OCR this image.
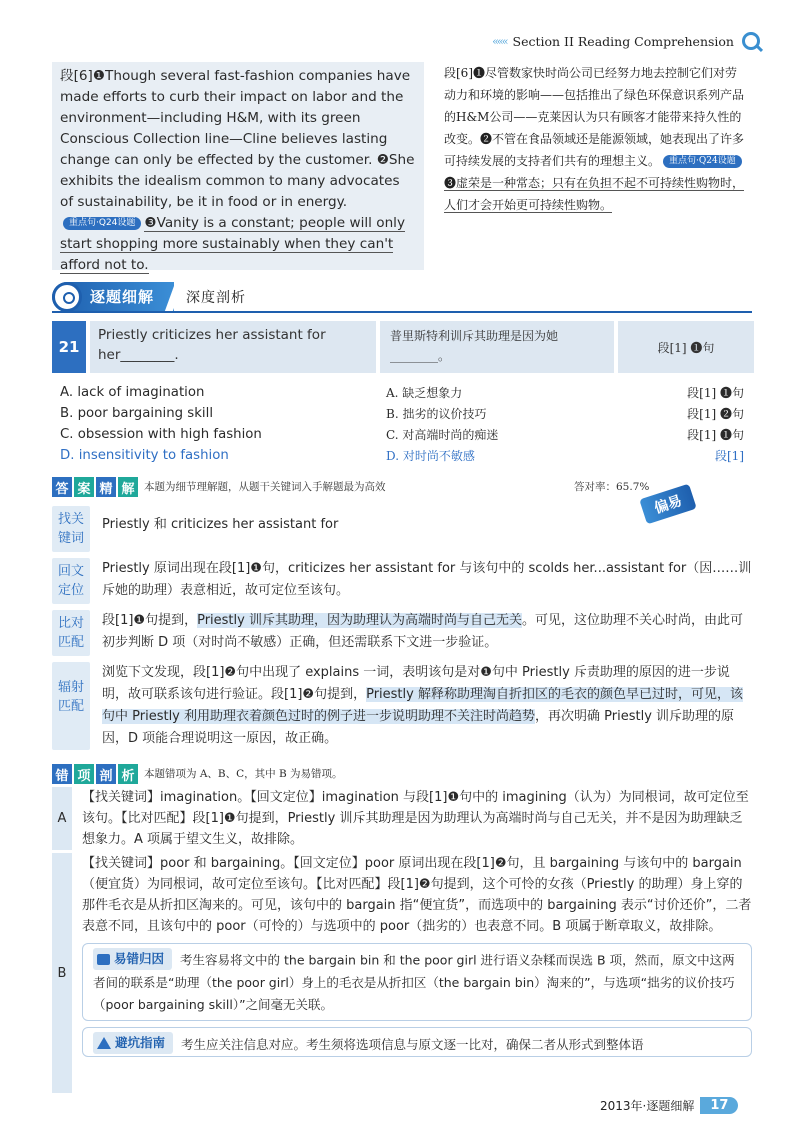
‹‹‹‹‹‹ Section II Reading Comprehension

段[6]❶Though several fast-fashion companies have made efforts to curb their impact on labor and the environment—including H&M, with its green Conscious Collection line—Cline believes lasting change can only be effected by the customer. ❷She exhibits the idealism common to many advocates of sustainability, be it in food or in energy.重点句·Q24设题 ❸Vanity is a constant; people will only start shopping more sustainably when they can't afford not to.

段[6]❶尽管数家快时尚公司已经努力地去控制它们对劳动力和环境的影响——包括推出了绿色环保意识系列产品的H&M公司——克莱因认为只有顾客才能带来持久性的改变。❷不管在食品领域还是能源领域，她表现出了许多可持续发展的支持者们共有的理想主义。 重点句·Q24设题❸虚荣是一种常态；只有在负担不起不可持续性购物时，人们才会开始更可持续性购物。
逐题细解 深度剖析
21
Priestly criticizes her assistant for her________.
普里斯特利训斥其助理是因为她________。
段[1] ❶句
A. lack of imagination	A. 缺乏想象力	段[1] ❶句
B. poor bargaining skill	B. 拙劣的议价技巧	段[1] ❷句
C. obsession with high fashion	C. 对高端时尚的痴迷	段[1] ❶句
D. insensitivity to fashion	D. 对时尚不敏感	段[1]
答 案 精 解 本题为细节理解题，从题干关键词入手解题最为高效	答对率：65.7%
偏易
找关键词
Priestly 和 criticizes her assistant for
回文定位
Priestly 原词出现在段[1]❶句，criticizes her assistant for 与该句中的 scolds her...assistant for（因……训斥她的助理）表意相近，故可定位至该句。
比对匹配
段[1]❶句提到，Priestly 训斥其助理，因为助理认为高端时尚与自己无关。可见，这位助理不关心时尚，由此可初步判断 D 项（对时尚不敏感）正确，但还需联系下文进一步验证。
辐射匹配
浏览下文发现，段[1]❷句中出现了 explains 一词，表明该句是对❶句中 Priestly 斥责助理的原因的进一步说明，故可联系该句进行验证。段[1]❷句提到，Priestly 解释称助理淘自折扣区的毛衣的颜色早已过时，可见，该句中 Priestly 利用助理衣着颜色过时的例子进一步说明助理不关注时尚趋势，再次明确 Priestly 训斥助理的原因，D 项能合理说明这一原因，故正确。
错 项 剖 析 本题错项为 A、B、C，其中 B 为易错项。
A
【找关键词】imagination。【回文定位】imagination 与段[1]❶句中的 imagining（认为）为同根词，故可定位至该句。【比对匹配】段[1]❶句提到，Priestly 训斥其助理是因为助理认为高端时尚与自己无关，并不是因为助理缺乏想象力。A 项属于望文生义，故排除。
B
【找关键词】poor 和 bargaining。【回文定位】poor 原词出现在段[1]❷句，且 bargaining 与该句中的 bargain（便宜货）为同根词，故可定位至该句。【比对匹配】段[1]❷句提到，这个可怜的女孩（Priestly 的助理）身上穿的那件毛衣是从折扣区淘来的。可见，该句中的 bargain 指“便宜货”，而选项中的 bargaining 表示“讨价还价”，二者表意不同，且该句中的 poor（可怜的）与选项中的 poor（拙劣的）也表意不同。B 项属于断章取义，故排除。
易错归因 考生容易将文中的 the bargain bin 和 the poor girl 进行语义杂糅而误选 B 项，然而，原文中这两者间的联系是“助理（the poor girl）身上的毛衣是从折扣区（the bargain bin）淘来的”，与选项“拙劣的议价技巧（poor bargaining skill）”之间毫无关联。
避坑指南 考生应关注信息对应。考生须将选项信息与原文逐一比对，确保二者从形式到整体语
2013年·逐题细解	17
